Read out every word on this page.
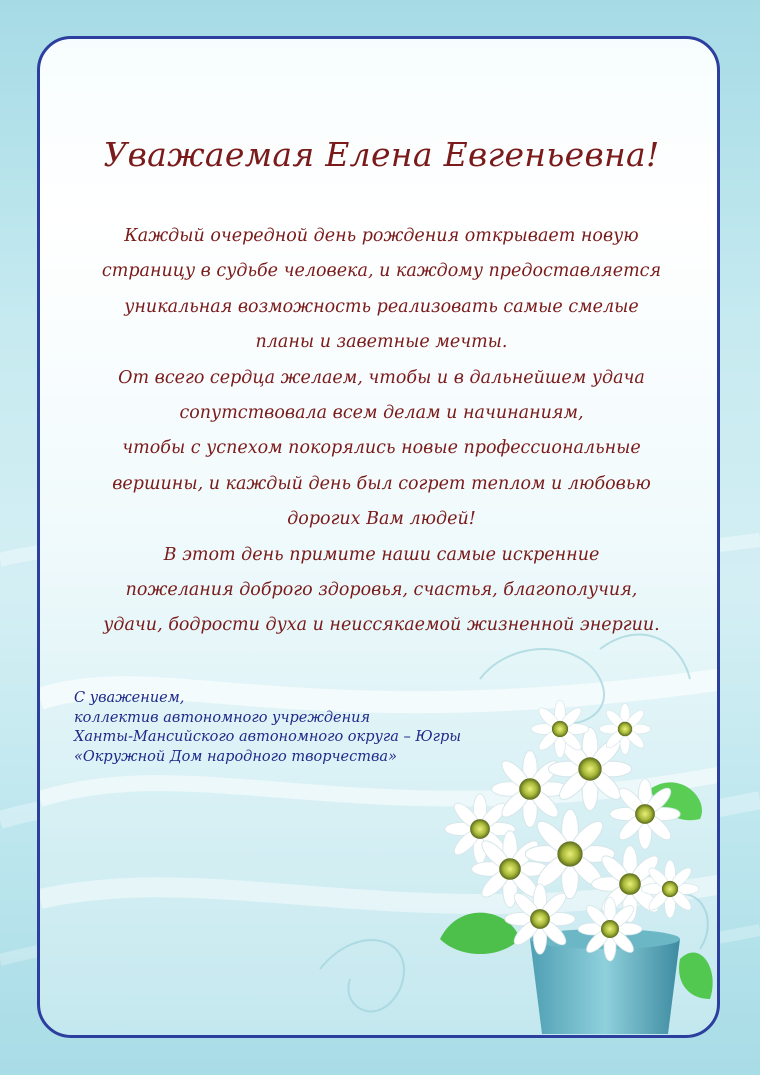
Уважаемая Елена Евгеньевна!
Каждый очередной день рождения открывает новую
страницу в судьбе человека, и каждому предоставляется
уникальная возможность реализовать самые смелые
планы и заветные мечты.
От всего сердца желаем, чтобы и в дальнейшем удача
сопутствовала всем делам и начинаниям,
чтобы с успехом покорялись новые профессиональные
вершины, и каждый день был согрет теплом и любовью
дорогих Вам людей!
В этот день примите наши самые искренние
пожелания доброго здоровья, счастья, благополучия,
удачи, бодрости духа и неиссякаемой жизненной энергии.
С уважением,
коллектив автономного учреждения
Ханты-Мансийского автономного округа – Югры
«Окружной Дом народного творчества»
